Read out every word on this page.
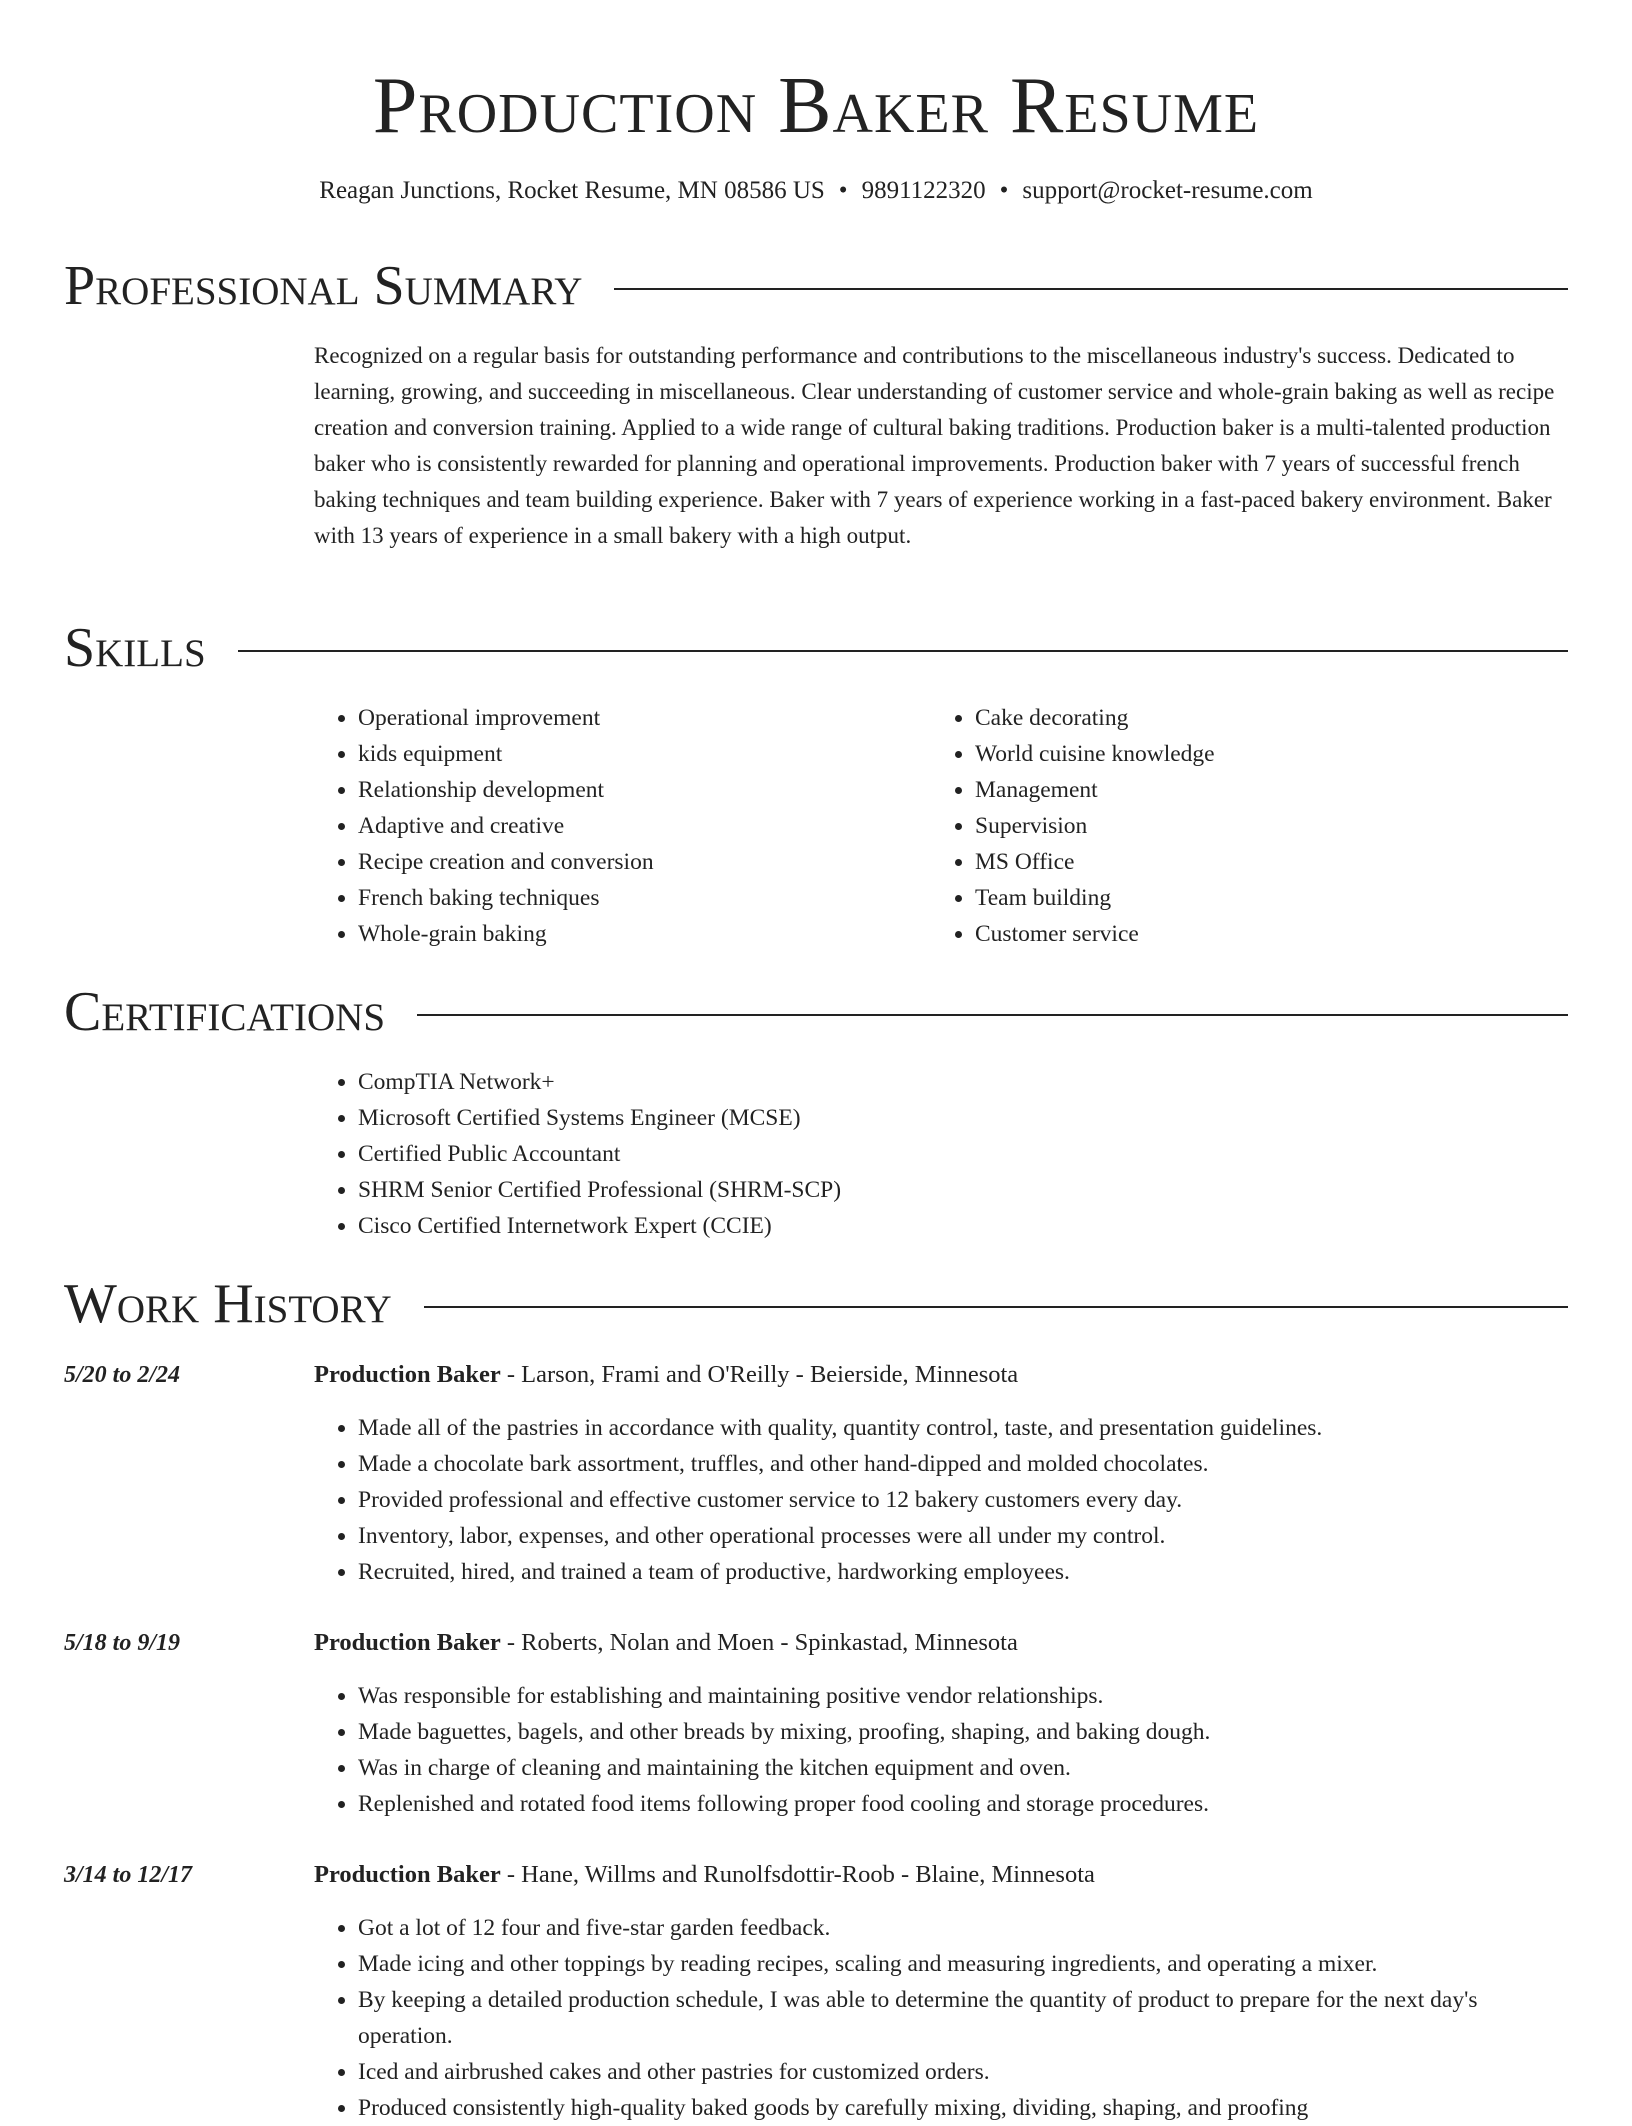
Production Baker Resume
Reagan Junctions, Rocket Resume, MN 08586 US • 9891122320 • support@rocket-resume.com
Professional Summary

Recognized on a regular basis for outstanding performance and contributions to the miscellaneous industry's success. Dedicated to learning, growing, and succeeding in miscellaneous. Clear understanding of customer service and whole-grain baking as well as recipe creation and conversion training. Applied to a wide range of cultural baking traditions. Production baker is a multi-talented production baker who is consistently rewarded for planning and operational improvements. Production baker with 7 years of successful french baking techniques and team building experience. Baker with 7 years of experience working in a fast-paced bakery environment. Baker with 13 years of experience in a small bakery with a high output.

Skills
• Operational improvement
• kids equipment
• Relationship development
• Adaptive and creative
• Recipe creation and conversion
• French baking techniques
• Whole-grain baking
• Cake decorating
• World cuisine knowledge
• Management
• Supervision
• MS Office
• Team building
• Customer service
Certifications
• CompTIA Network+
• Microsoft Certified Systems Engineer (MCSE)
• Certified Public Accountant
• SHRM Senior Certified Professional (SHRM-SCP)
• Cisco Certified Internetwork Expert (CCIE)
Work History
5/20 to 2/24	Production Baker - Larson, Frami and O'Reilly - Beierside, Minnesota
• Made all of the pastries in accordance with quality, quantity control, taste, and presentation guidelines.
• Made a chocolate bark assortment, truffles, and other hand-dipped and molded chocolates.
• Provided professional and effective customer service to 12 bakery customers every day.
• Inventory, labor, expenses, and other operational processes were all under my control.
• Recruited, hired, and trained a team of productive, hardworking employees.
5/18 to 9/19	Production Baker - Roberts, Nolan and Moen - Spinkastad, Minnesota
• Was responsible for establishing and maintaining positive vendor relationships.
• Made baguettes, bagels, and other breads by mixing, proofing, shaping, and baking dough.
• Was in charge of cleaning and maintaining the kitchen equipment and oven.
• Replenished and rotated food items following proper food cooling and storage procedures.
3/14 to 12/17	Production Baker - Hane, Willms and Runolfsdottir-Roob - Blaine, Minnesota
• Got a lot of 12 four and five-star garden feedback.
• Made icing and other toppings by reading recipes, scaling and measuring ingredients, and operating a mixer.
• By keeping a detailed production schedule, I was able to determine the quantity of product to prepare for the next day's operation.
• Iced and airbrushed cakes and other pastries for customized orders.
• Produced consistently high-quality baked goods by carefully mixing, dividing, shaping, and proofing
